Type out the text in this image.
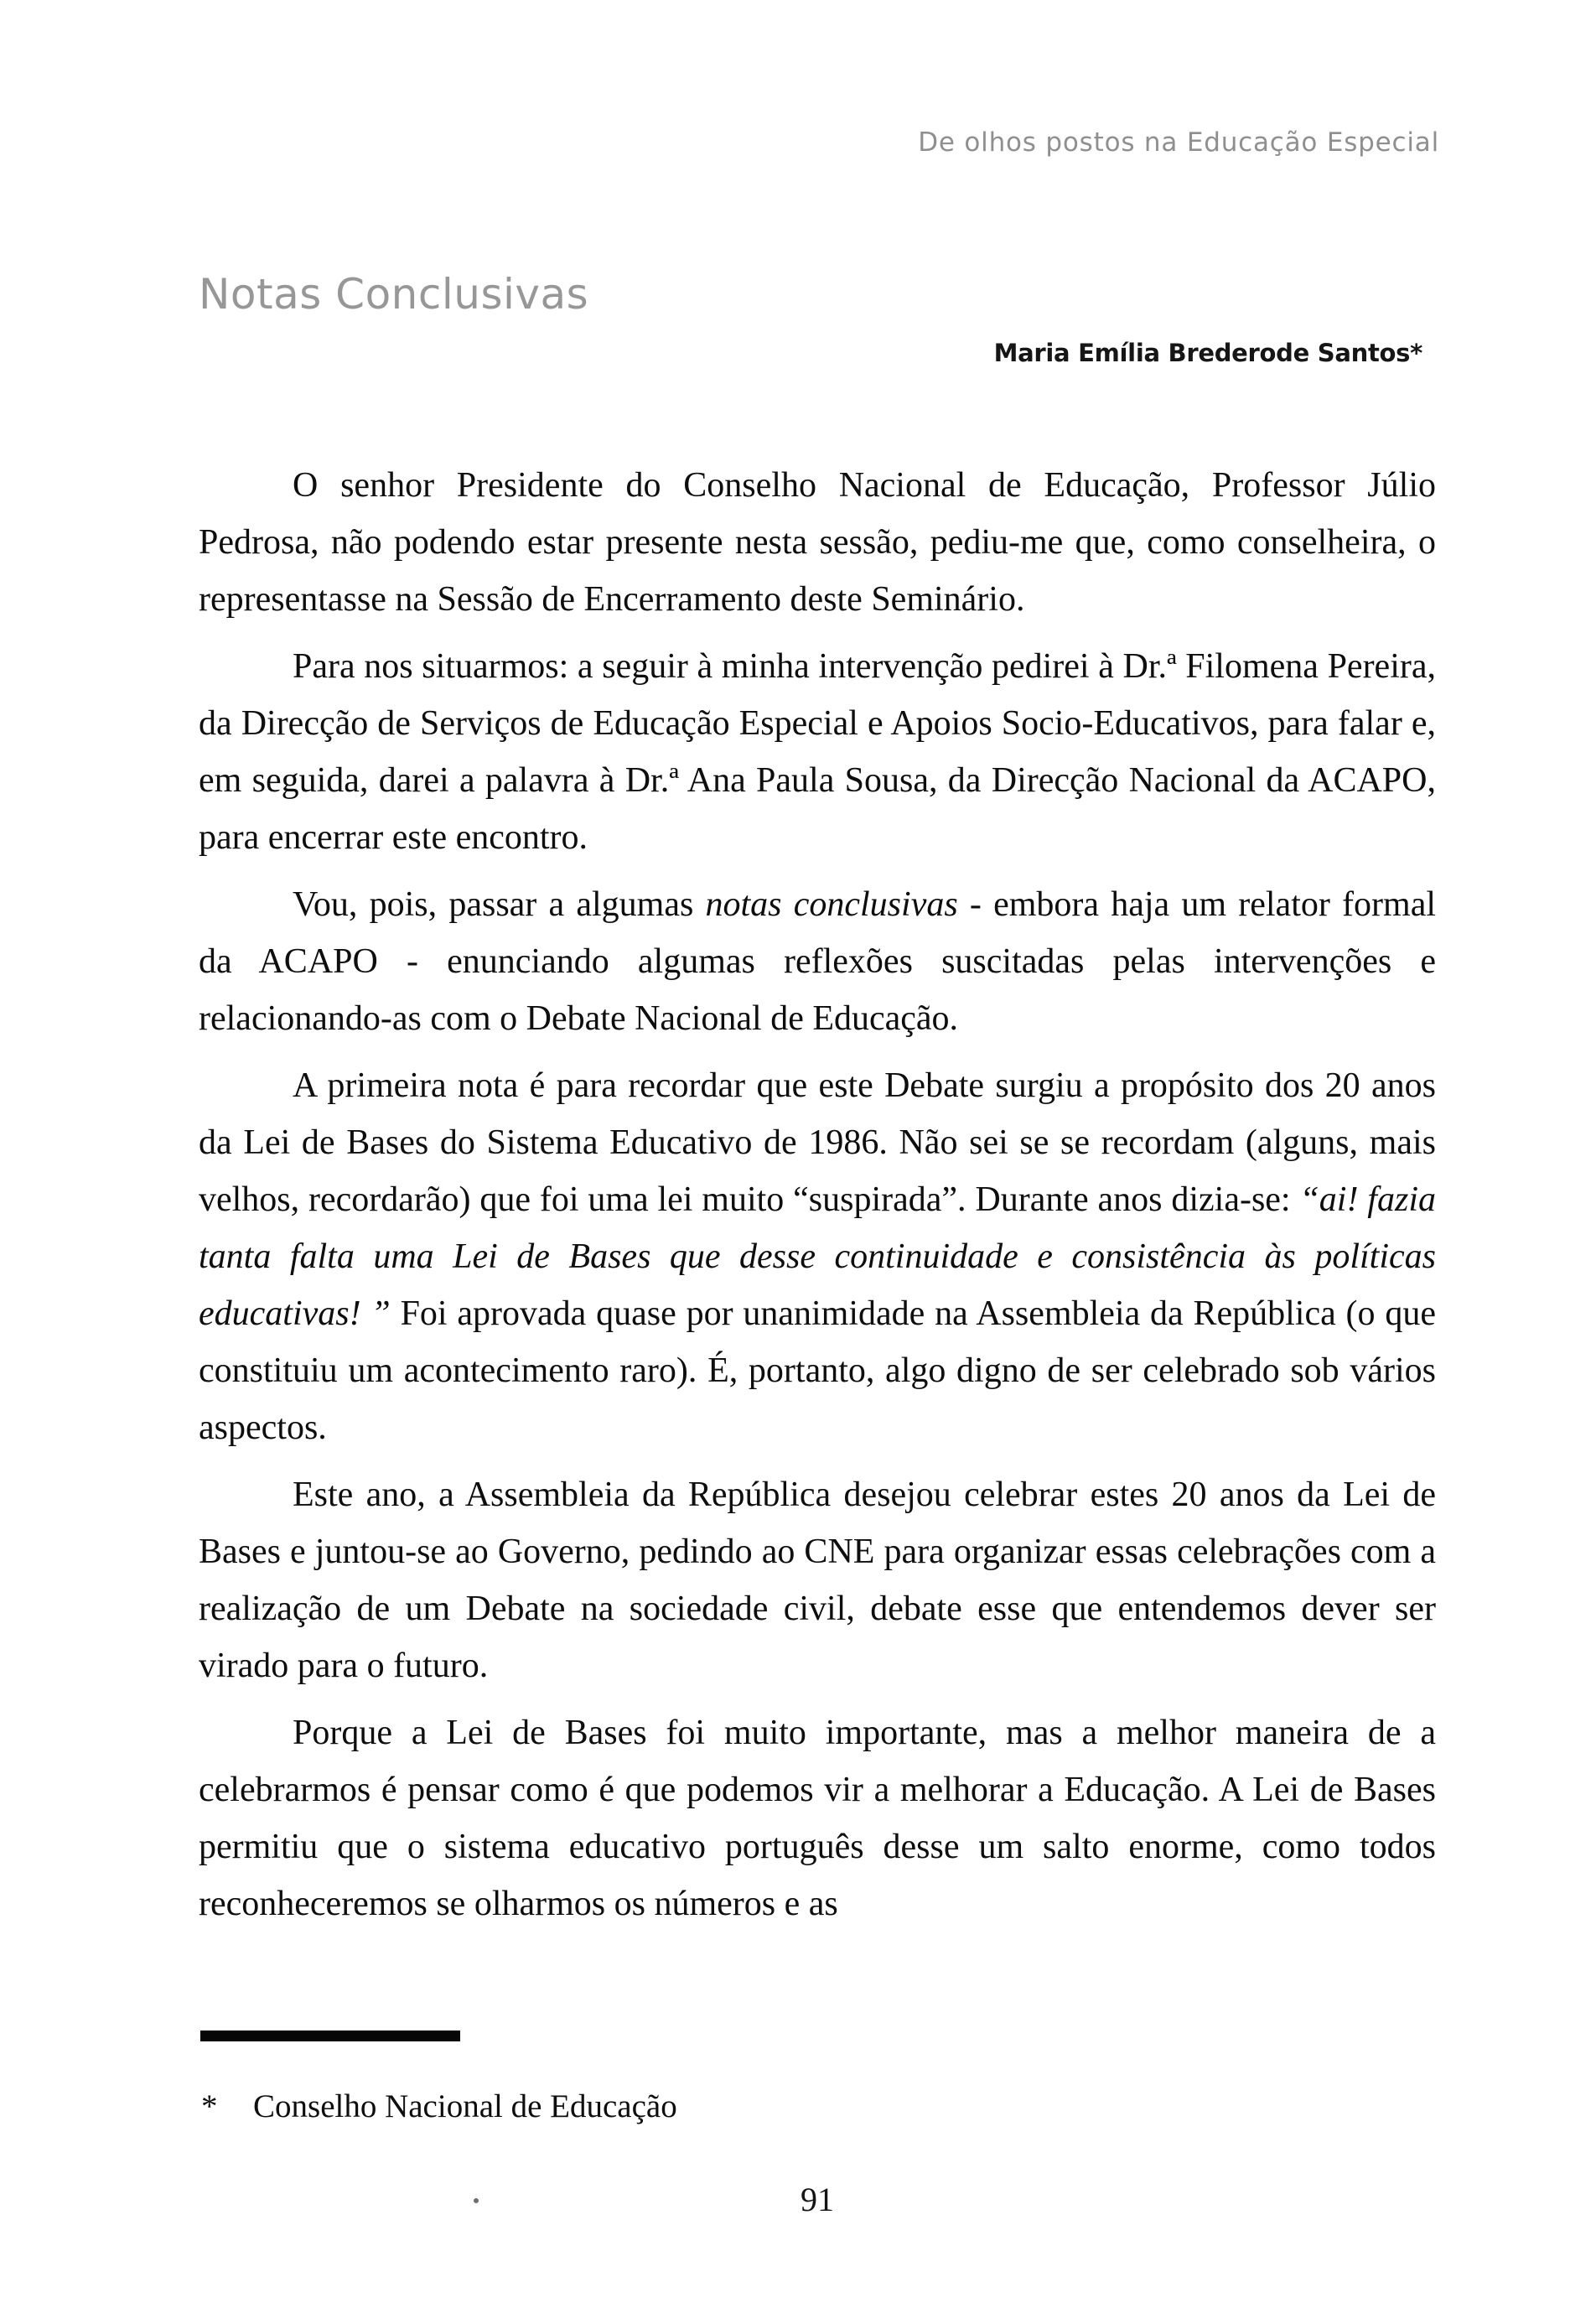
De olhos postos na Educação Especial
Notas Conclusivas
Maria Emília Brederode Santos*

O senhor Presidente do Conselho Nacional de Educação, Professor Júlio Pedrosa, não podendo estar presente nesta sessão, pediu-me que, como conselheira, o representasse na Sessão de Encerramento deste Seminário.

Para nos situarmos: a seguir à minha intervenção pedirei à Dr.ª Filomena Pereira, da Direcção de Serviços de Educação Especial e Apoios Socio-Educativos, para falar e, em seguida, darei a palavra à Dr.ª Ana Paula Sousa, da Direcção Nacional da ACAPO, para encerrar este encontro.

Vou, pois, passar a algumas notas conclusivas - embora haja um relator formal da ACAPO - enunciando algumas reflexões suscitadas pelas intervenções e relacionando-as com o Debate Nacional de Educação.

A primeira nota é para recordar que este Debate surgiu a propósito dos 20 anos da Lei de Bases do Sistema Educativo de 1986. Não sei se se recordam (alguns, mais velhos, recordarão) que foi uma lei muito “suspirada”. Durante anos dizia-se: “ai! fazia tanta falta uma Lei de Bases que desse continuidade e consistência às políticas educativas! ” Foi aprovada quase por unanimidade na Assembleia da República (o que constituiu um acontecimento raro). É, portanto, algo digno de ser celebrado sob vários aspectos.

Este ano, a Assembleia da República desejou celebrar estes 20 anos da Lei de Bases e juntou-se ao Governo, pedindo ao CNE para organizar essas celebrações com a realização de um Debate na sociedade civil, debate esse que entendemos dever ser virado para o futuro.

Porque a Lei de Bases foi muito importante, mas a melhor maneira de a celebrarmos é pensar como é que podemos vir a melhorar a Educação. A Lei de Bases permitiu que o sistema educativo português desse um salto enorme, como todos reconheceremos se olharmos os números e as

*	Conselho Nacional de Educação
91
